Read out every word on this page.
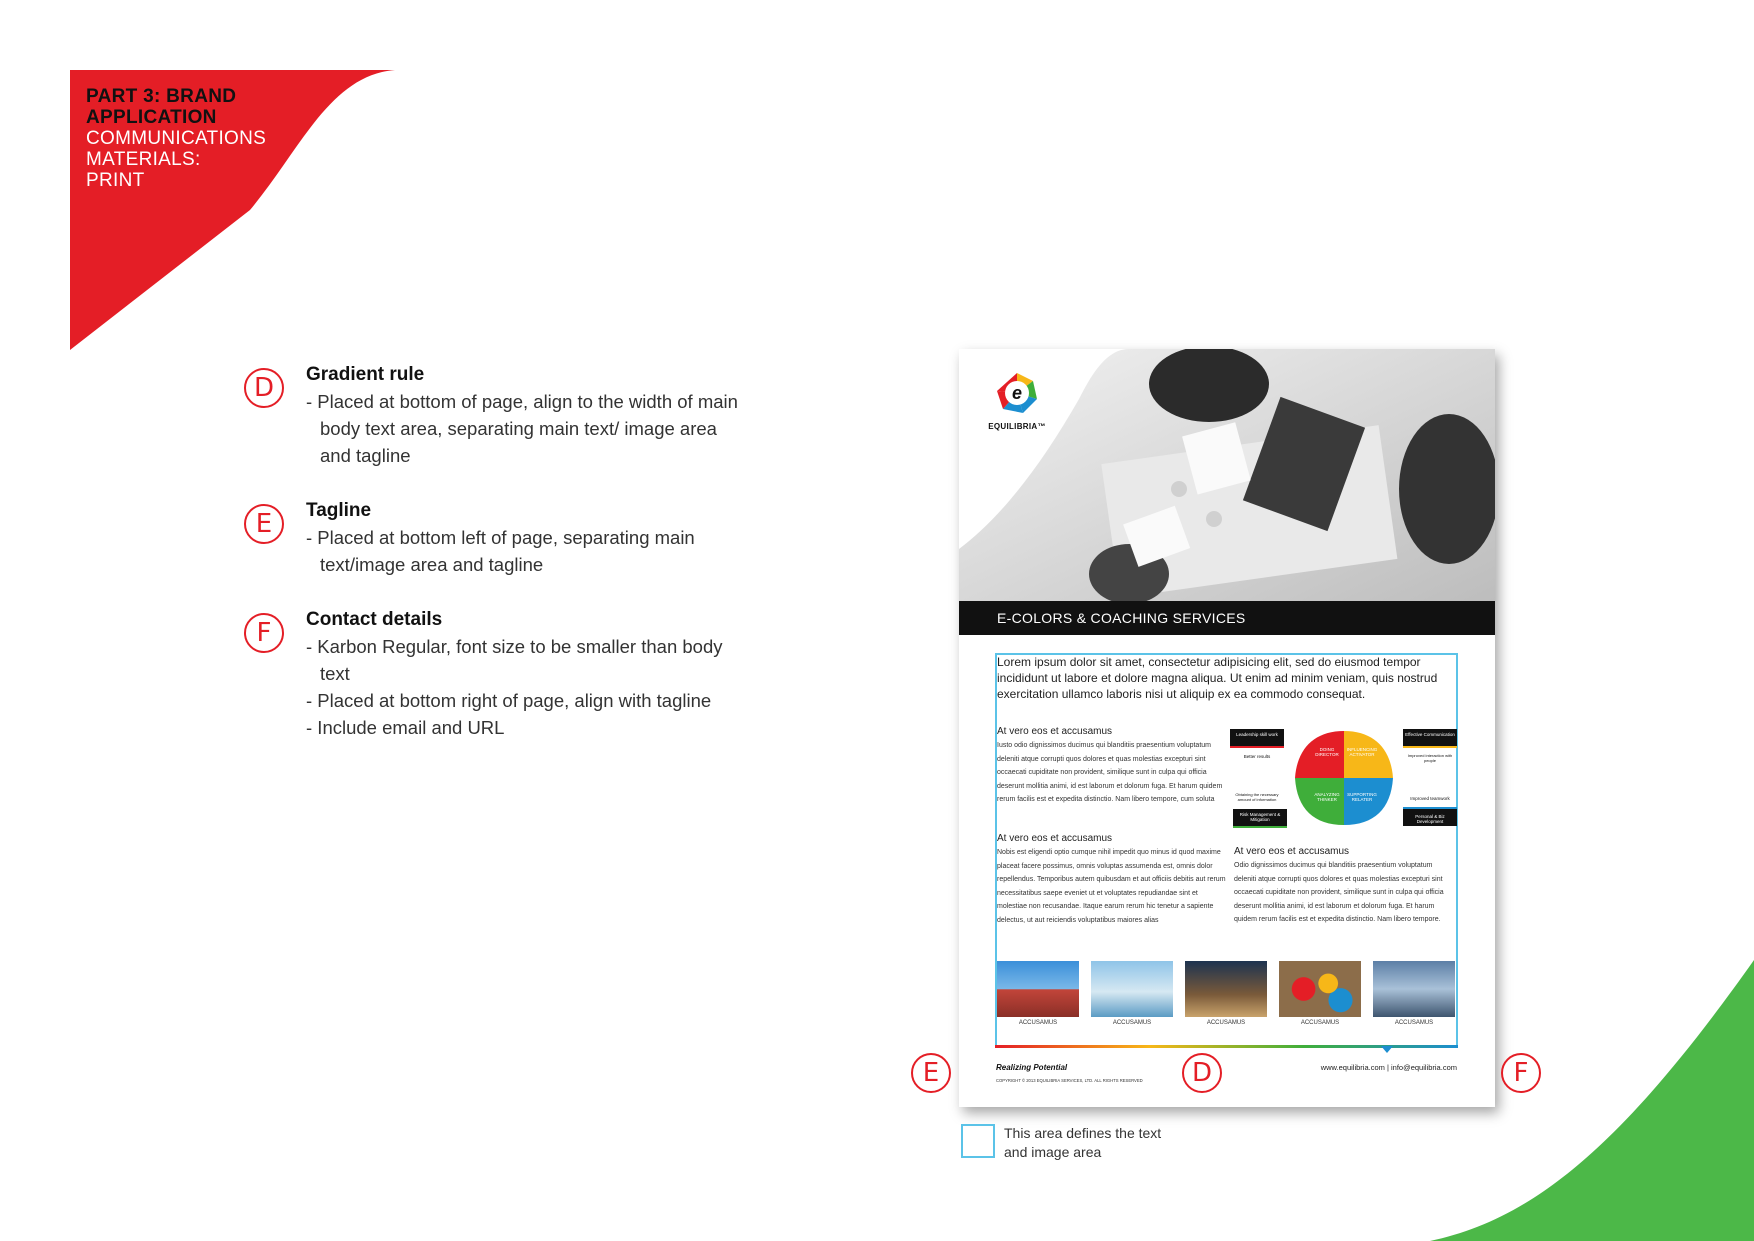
PART 3: BRAND
APPLICATION
COMMUNICATIONS
MATERIALS:
PRINT
D	Gradient rule
- Placed at bottom of page, align to the width of main body text area, separating main text/ image area and tagline
E	Tagline
- Placed at bottom left of page, separating main text/image area and tagline
F	Contact details
- Karbon Regular, font size to be smaller than body text
- Placed at bottom right of page, align with tagline
- Include email and URL
e
EQUILIBRIA™
E-COLORS & COACHING SERVICES
Lorem ipsum dolor sit amet, consectetur adipisicing elit, sed do eiusmod tempor incididunt ut labore et dolore magna aliqua. Ut enim ad minim veniam, quis nostrud exercitation ullamco laboris nisi ut aliquip ex ea commodo consequat.
At vero eos et accusamus
Iusto odio dignissimos ducimus qui blanditiis praesentium voluptatum deleniti atque corrupti quos dolores et quas molestias excepturi sint occaecati cupiditate non provident, similique sunt in culpa qui officia deserunt mollitia animi, id est laborum et dolorum fuga. Et harum quidem rerum facilis est et expedita distinctio. Nam libero tempore, cum soluta
At vero eos et accusamus
Nobis est eligendi optio cumque nihil impedit quo minus id quod maxime placeat facere possimus, omnis voluptas assumenda est, omnis dolor repellendus. Temporibus autem quibusdam et aut officiis debitis aut rerum necessitatibus saepe eveniet ut et voluptates repudiandae sint et molestiae non recusandae. Itaque earum rerum hic tenetur a sapiente delectus, ut aut reiciendis voluptatibus maiores alias
At vero eos et accusamus
Odio dignissimos ducimus qui blanditiis praesentium voluptatum deleniti atque corrupti quos dolores et quas molestias excepturi sint occaecati cupiditate non provident, similique sunt in culpa qui officia deserunt mollitia animi, id est laborum et dolorum fuga. Et harum quidem rerum facilis est et expedita distinctio. Nam libero tempore.
DOING DIRECTOR
INFLUENCING ACTIVATOR
ANALYZING THINKER
SUPPORTING RELATER
Leadership skill work
Better results
Obtaining the necessary amount of information
Risk Management & Mitigation
Effective Communication
Improved interaction with people
Improved teamwork
Personal & Biz Development
ACCUSAMUS	ACCUSAMUS	ACCUSAMUS	ACCUSAMUS	ACCUSAMUS
Realizing Potential
COPYRIGHT © 2013 EQUILIBRIA SERVICES, LTD. ALL RIGHTS RESERVED
www.equilibria.com | info@equilibria.com
E	D	F
This area defines the text and image area
